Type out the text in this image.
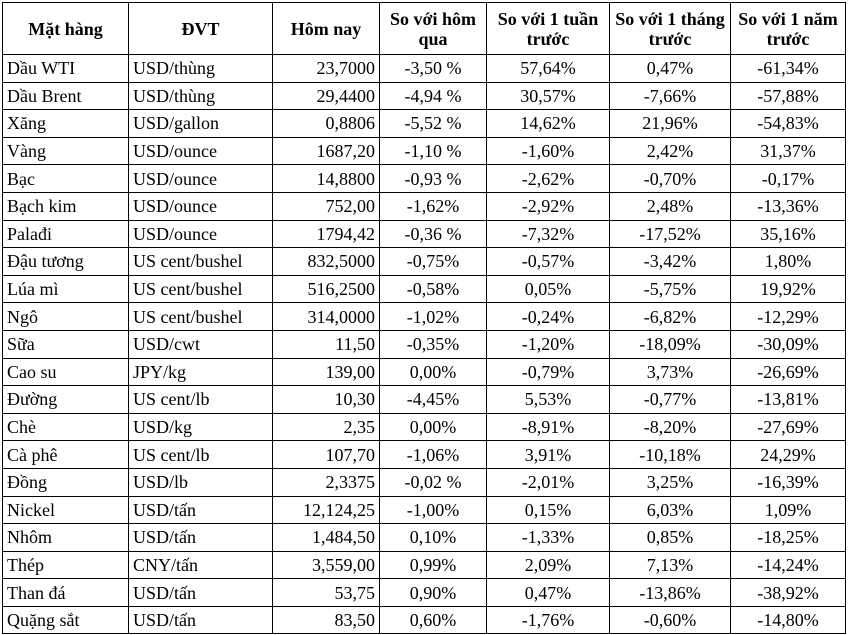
Mặt hàng	ĐVT	Hôm nay	So với hôm qua	So với 1 tuần trước	So với 1 tháng trước	So với 1 năm trước
Dầu WTI	USD/thùng	23,7000	-3,50 %	57,64%	0,47%	-61,34%
Dầu Brent	USD/thùng	29,4400	-4,94 %	30,57%	-7,66%	-57,88%
Xăng	USD/gallon	0,8806	-5,52 %	14,62%	21,96%	-54,83%
Vàng	USD/ounce	1687,20	-1,10 %	-1,60%	2,42%	31,37%
Bạc	USD/ounce	14,8800	-0,93 %	-2,62%	-0,70%	-0,17%
Bạch kim	USD/ounce	752,00	-1,62%	-2,92%	2,48%	-13,36%
Palađi	USD/ounce	1794,42	-0,36 %	-7,32%	-17,52%	35,16%
Đậu tương	US cent/bushel	832,5000	-0,75%	-0,57%	-3,42%	1,80%
Lúa mì	US cent/bushel	516,2500	-0,58%	0,05%	-5,75%	19,92%
Ngô	US cent/bushel	314,0000	-1,02%	-0,24%	-6,82%	-12,29%
Sữa	USD/cwt	11,50	-0,35%	-1,20%	-18,09%	-30,09%
Cao su	JPY/kg	139,00	0,00%	-0,79%	3,73%	-26,69%
Đường	US cent/lb	10,30	-4,45%	5,53%	-0,77%	-13,81%
Chè	USD/kg	2,35	0,00%	-8,91%	-8,20%	-27,69%
Cà phê	US cent/lb	107,70	-1,06%	3,91%	-10,18%	24,29%
Đồng	USD/lb	2,3375	-0,02 %	-2,01%	3,25%	-16,39%
Nickel	USD/tấn	12,124,25	-1,00%	0,15%	6,03%	1,09%
Nhôm	USD/tấn	1,484,50	0,10%	-1,33%	0,85%	-18,25%
Thép	CNY/tấn	3,559,00	0,99%	2,09%	7,13%	-14,24%
Than đá	USD/tấn	53,75	0,90%	0,47%	-13,86%	-38,92%
Quặng sắt	USD/tấn	83,50	0,60%	-1,76%	-0,60%	-14,80%
